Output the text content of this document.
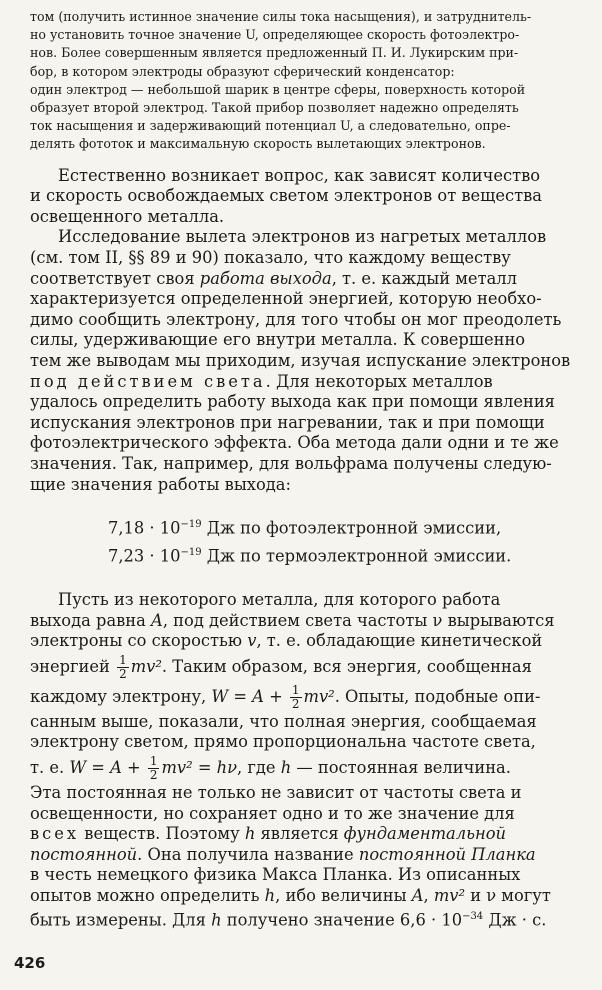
том (получить истинное значение силы тока насыщения), и затруднитель-
но установить точное значение U, определяющее скорость фотоэлектро-
нов. Более совершенным является предложенный П. И. Лукирским при-
бор, в котором электроды образуют сферический конденсатор:
один электрод — небольшой шарик в центре сферы, поверхность которой
образует второй электрод. Такой прибор позволяет надежно определять
ток насыщения и задерживающий потенциал U, а следовательно, опре-
делять фототок и максимальную скорость вылетающих электронов.
Естественно возникает вопрос, как зависят количество
и скорость освобождаемых светом электронов от вещества
освещенного металла.
Исследование вылета электронов из нагретых металлов
(см. том II, §§ 89 и 90) показало, что каждому веществу
соответствует своя работа выхода, т. е. каждый металл
характеризуется определенной энергией, которую необхо-
димо сообщить электрону, для того чтобы он мог преодолеть
силы, удерживающие его внутри металла. К совершенно
тем же выводам мы приходим, изучая испускание электронов
под действием света. Для некоторых металлов
удалось определить работу выхода как при помощи явления
испускания электронов при нагревании, так и при помощи
фотоэлектрического эффекта. Оба метода дали одни и те же
значения. Так, например, для вольфрама получены следую-
щие значения работы выхода:
$7,18 \cdot 10^{-19}$ Дж по фотоэлектронной эмиссии,
$7,23 \cdot 10^{-19}$ Дж по термоэлектронной эмиссии.
Пусть из некоторого металла, для которого работа
выхода равна A, под действием света частоты ν вырываются
электроны со скоростью v, т. е. обладающие кинетической
энергией $\frac{1}{2} mv^2$. Таким образом, вся энергия, сообщенная
каждому электрону, $W = A + \frac{1}{2} mv^2$. Опыты, подобные опи-
санным выше, показали, что полная энергия, сообщаемая
электрону светом, прямо пропорциональна частоте света,
т. е. $W = A + \frac{1}{2} mv^2 = h\nu$, где h — постоянная величина.
Эта постоянная не только не зависит от частоты света и
освещенности, но сохраняет одно и то же значение для
всех веществ. Поэтому h является фундаментальной
постоянной. Она получила название постоянной Планка
в честь немецкого физика Макса Планка. Из описанных
опытов можно определить h, ибо величины A, mv² и ν могут
быть измерены. Для h получено значение $6,6 \cdot 10^{-34}$ Дж · с.
426
